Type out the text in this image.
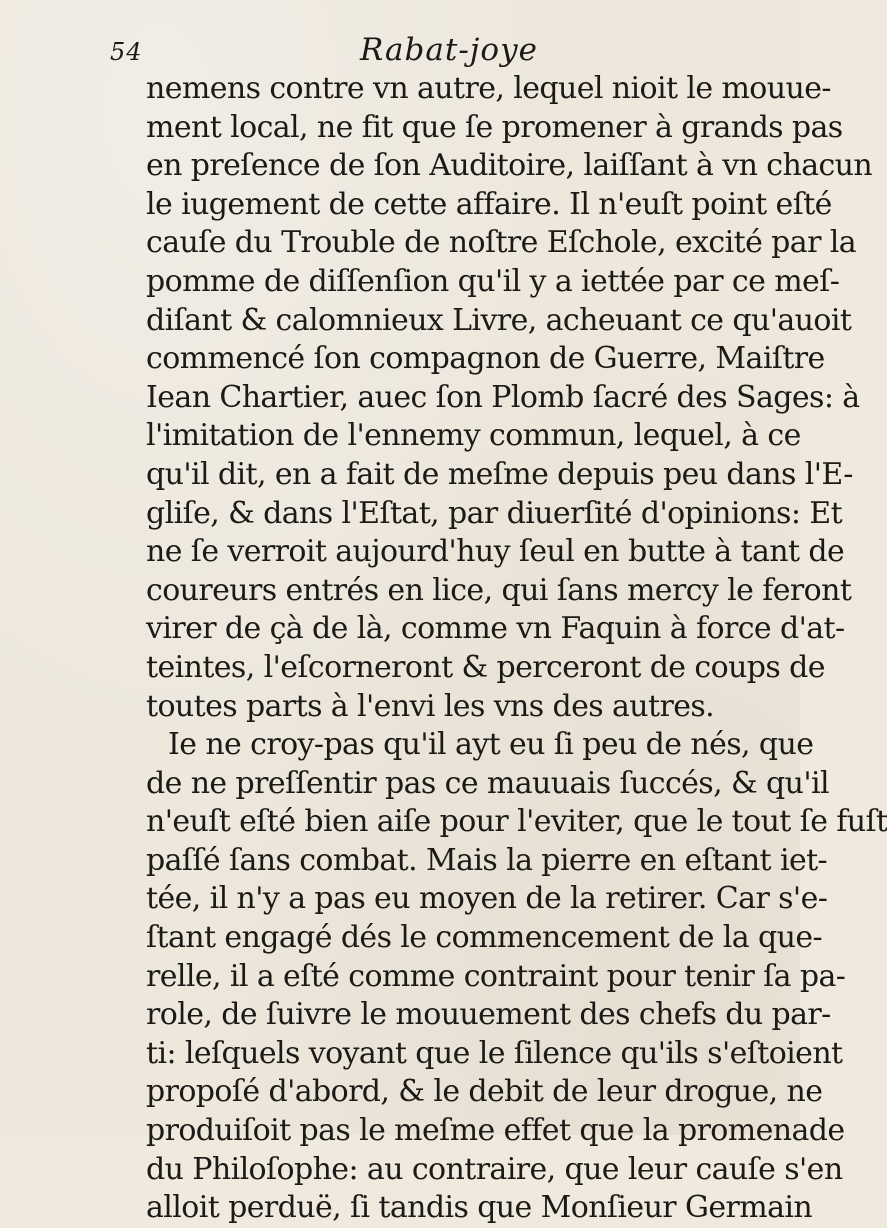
54	Rabat-joye
nemens contre vn autre, lequel nioit le mouue-
ment local, ne fit que ſe promener à grands pas
en preſence de ſon Auditoire, laiſſant à vn chacun
le iugement de cette affaire. Il n'euſt point eſté
cauſe du Trouble de noſtre Eſchole, excité par la
pomme de diſſenſion qu'il y a iettée par ce meſ-
diſant & calomnieux Livre, acheuant ce qu'auoit
commencé ſon compagnon de Guerre, Maiſtre
Iean Chartier, auec ſon Plomb ſacré des Sages: à
l'imitation de l'ennemy commun, lequel, à ce
qu'il dit, en a fait de meſme depuis peu dans l'E-
gliſe, & dans l'Eſtat, par diuerſité d'opinions: Et
ne ſe verroit aujourd'huy ſeul en butte à tant de
coureurs entrés en lice, qui ſans mercy le feront
virer de çà de là, comme vn Faquin à force d'at-
teintes, l'eſcorneront & perceront de coups de
toutes parts à l'envi les vns des autres.
Ie ne croy-pas qu'il ayt eu ſi peu de nés, que
de ne preſſentir pas ce mauuais ſuccés, & qu'il
n'euſt eſté bien aiſe pour l'eviter, que le tout ſe fuſt
paſſé ſans combat. Mais la pierre en eſtant iet-
tée, il n'y a pas eu moyen de la retirer. Car s'e-
ſtant engagé dés le commencement de la que-
relle, il a eſté comme contraint pour tenir ſa pa-
role, de ſuivre le mouuement des chefs du par-
ti: leſquels voyant que le ſilence qu'ils s'eſtoient
propoſé d'abord, & le debit de leur drogue, ne
produiſoit pas le meſme effet que la promenade
du Philoſophe: au contraire, que leur cauſe s'en
alloit perduë, ſi tandis que Monſieur Germain
